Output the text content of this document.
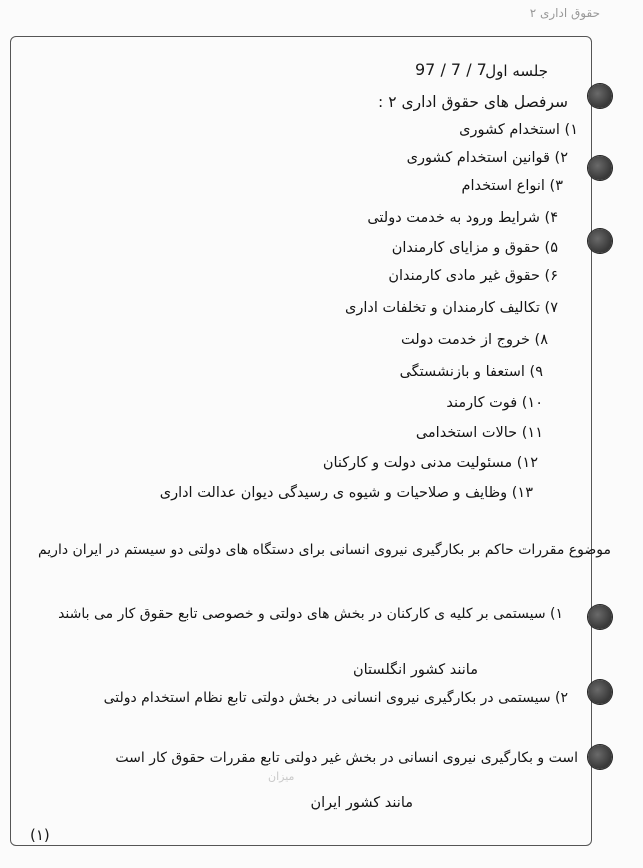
حقوق اداری ۲
97 / 7 / 7
جلسه اول
سرفصل های حقوق اداری ۲ :
۱) استخدام کشوری
۲) قوانین استخدام کشوری
۳) انواع استخدام
۴) شرایط ورود به خدمت دولتی
۵) حقوق و مزایای کارمندان
۶) حقوق غیر مادی کارمندان
۷) تکالیف کارمندان و تخلفات اداری
۸) خروج از خدمت دولت
۹) استعفا و بازنشستگی
۱۰) فوت کارمند
۱۱) حالات استخدامی
۱۲) مسئولیت مدنی دولت و کارکنان
۱۳) وظایف و صلاحیات و شیوه ی رسیدگی دیوان عدالت اداری
موضوع مقررات حاکم بر بکارگیری نیروی انسانی برای دستگاه های دولتی دو سیستم در ایران داریم
۱) سیستمی بر کلیه ی کارکنان در بخش های دولتی و خصوصی تابع حقوق کار می باشند
مانند کشور انگلستان
۲) سیستمی در بکارگیری نیروی انسانی در بخش دولتی تابع نظام استخدام دولتی
است و بکارگیری نیروی انسانی در بخش غیر دولتی تابع مقررات حقوق کار است
مانند کشور ایران
ﻣﻴﺰﺍﻥ
(۱)
